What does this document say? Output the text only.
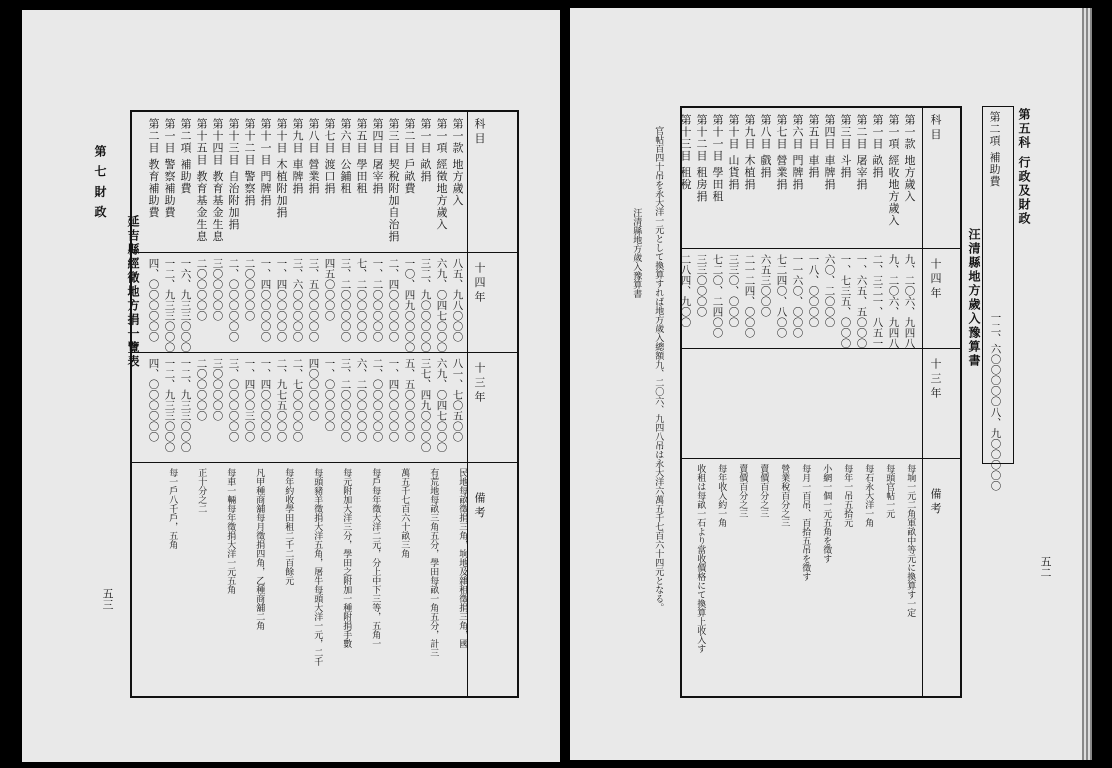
第 七 財 政
延吉縣經徵地方捐一覽表
五三
科 目
十 四 年
十 三 年
備 考
第一款 地方歲入
八五、九八〇〇〇
八一、七〇五〇〇
第一項 經徵地方歲入
六九、〇四七〇〇〇
六九、〇四七〇〇〇
第一目 畝捐
三二、九〇〇〇〇〇
三七、四九〇〇〇〇
第二目 戶畝費
一〇、四九〇〇〇〇
五、五〇〇〇〇〇
第三目 契稅附加自治捐
二、四〇〇〇〇〇
一、四〇〇〇〇〇
第四目 屠宰捐
一、二〇〇〇〇〇
二、〇〇〇〇〇〇
第五目 學田租
七、二〇〇〇〇〇
六、二〇〇〇〇〇
第六目 公鋪租
三、二〇〇〇〇〇
三、二〇〇〇〇〇
第七目 渡口捐
四五〇〇〇〇
一、〇〇〇〇〇
第八目 營業捐
三、五〇〇〇〇〇
四〇〇〇〇〇
第九目 車牌捐
三、六〇〇〇〇〇
二、七〇〇〇〇〇
第十目 木植附加捐
一、四〇〇〇〇〇
二、九七五〇〇〇
第十一目 門牌捐
一、四〇〇〇〇〇
一、四〇〇〇〇〇
第十二目 警察捐
二〇〇〇〇〇
一、四〇〇三〇〇
第十三目 自治附加捐
二、〇〇〇〇〇〇
三、〇〇〇〇〇〇
第十四目 教育基金生息
三〇〇〇〇〇
三〇〇〇〇〇
第十五目 教育基金生息
二〇〇〇〇〇
二〇〇〇〇〇
第二項 補助費
一六、九三三〇〇〇
一二、九三三〇〇〇
第一目 警察補助費
一二、九三三〇〇〇
一二、九三三〇〇〇
第二目 教育補助費
四、〇〇〇〇〇〇
四、〇〇〇〇〇〇
民地每畝徵捐三角，垧地及雜租徵捐三角，國
有荒地每畝三角五分，學田每畝一角五分，計三
萬五千七百六十畝三角
每戶每年徵大洋二元，分上中下三等，五角一
每元附加大洋三分，學田之附加一種附捐手數
每頭豬羊徵捐大洋五角，屠牛每頭大洋一元，二千
每年約收學田租二千二百餘元
凡甲種商舖每月徵捐四角，乙種商舖二角
每車一輛每年徵捐大洋一元五角
正十分之二
每一戶八千戶，五角
五二
第二項 補助費
一二、六〇〇〇〇〇
八、九〇〇〇〇〇
第五科 行政及財政
汪清縣地方歲入豫算書
科 目
十 四 年
十 三 年
備 考
第一款 地方歲入
九、二〇六、九四八
第一項 經收地方歲入
九、二〇六、九四八
第一目 畝捐
二、三二一、八五一
第二目 屠宰捐
一、六五、五〇〇〇
第三目 斗捐
一、七三五、〇〇〇
第四目 車牌捐
六〇、二〇〇〇
第五目 車捐
一八、〇〇〇〇
第六目 門牌捐
一一六〇、〇〇〇
第七目 營業捐
七二四〇、八〇〇
第八目 戲捐
六五三〇〇〇
第九目 木植捐
二一二四、〇〇〇
第十目 山貨捐
三三〇、〇〇〇
第十一目 學田租
七二〇、二四〇〇
第十二目 租房捐
三三〇〇〇〇
第十三目 租稅
二八四、九〇〇
每垧一元二角軍畝中等元に換算す一定
每頭官帖一元
每石永大洋一角
每年一吊五拾元
小網一個一元五角を徵す
每月一百吊、百拾五吊を徵す
營業稅百分之三
賣價百分之三
賣價百分之三
每年收入約一角
收租は每畝一石より當收價格にて換算上收入す
汪清縣地方歲入豫算書 官帖百四十吊を永大洋一元として換算すれば地方歲入總額九、二〇六、九四八吊は永大洋六萬五千七百六十四元となる。
